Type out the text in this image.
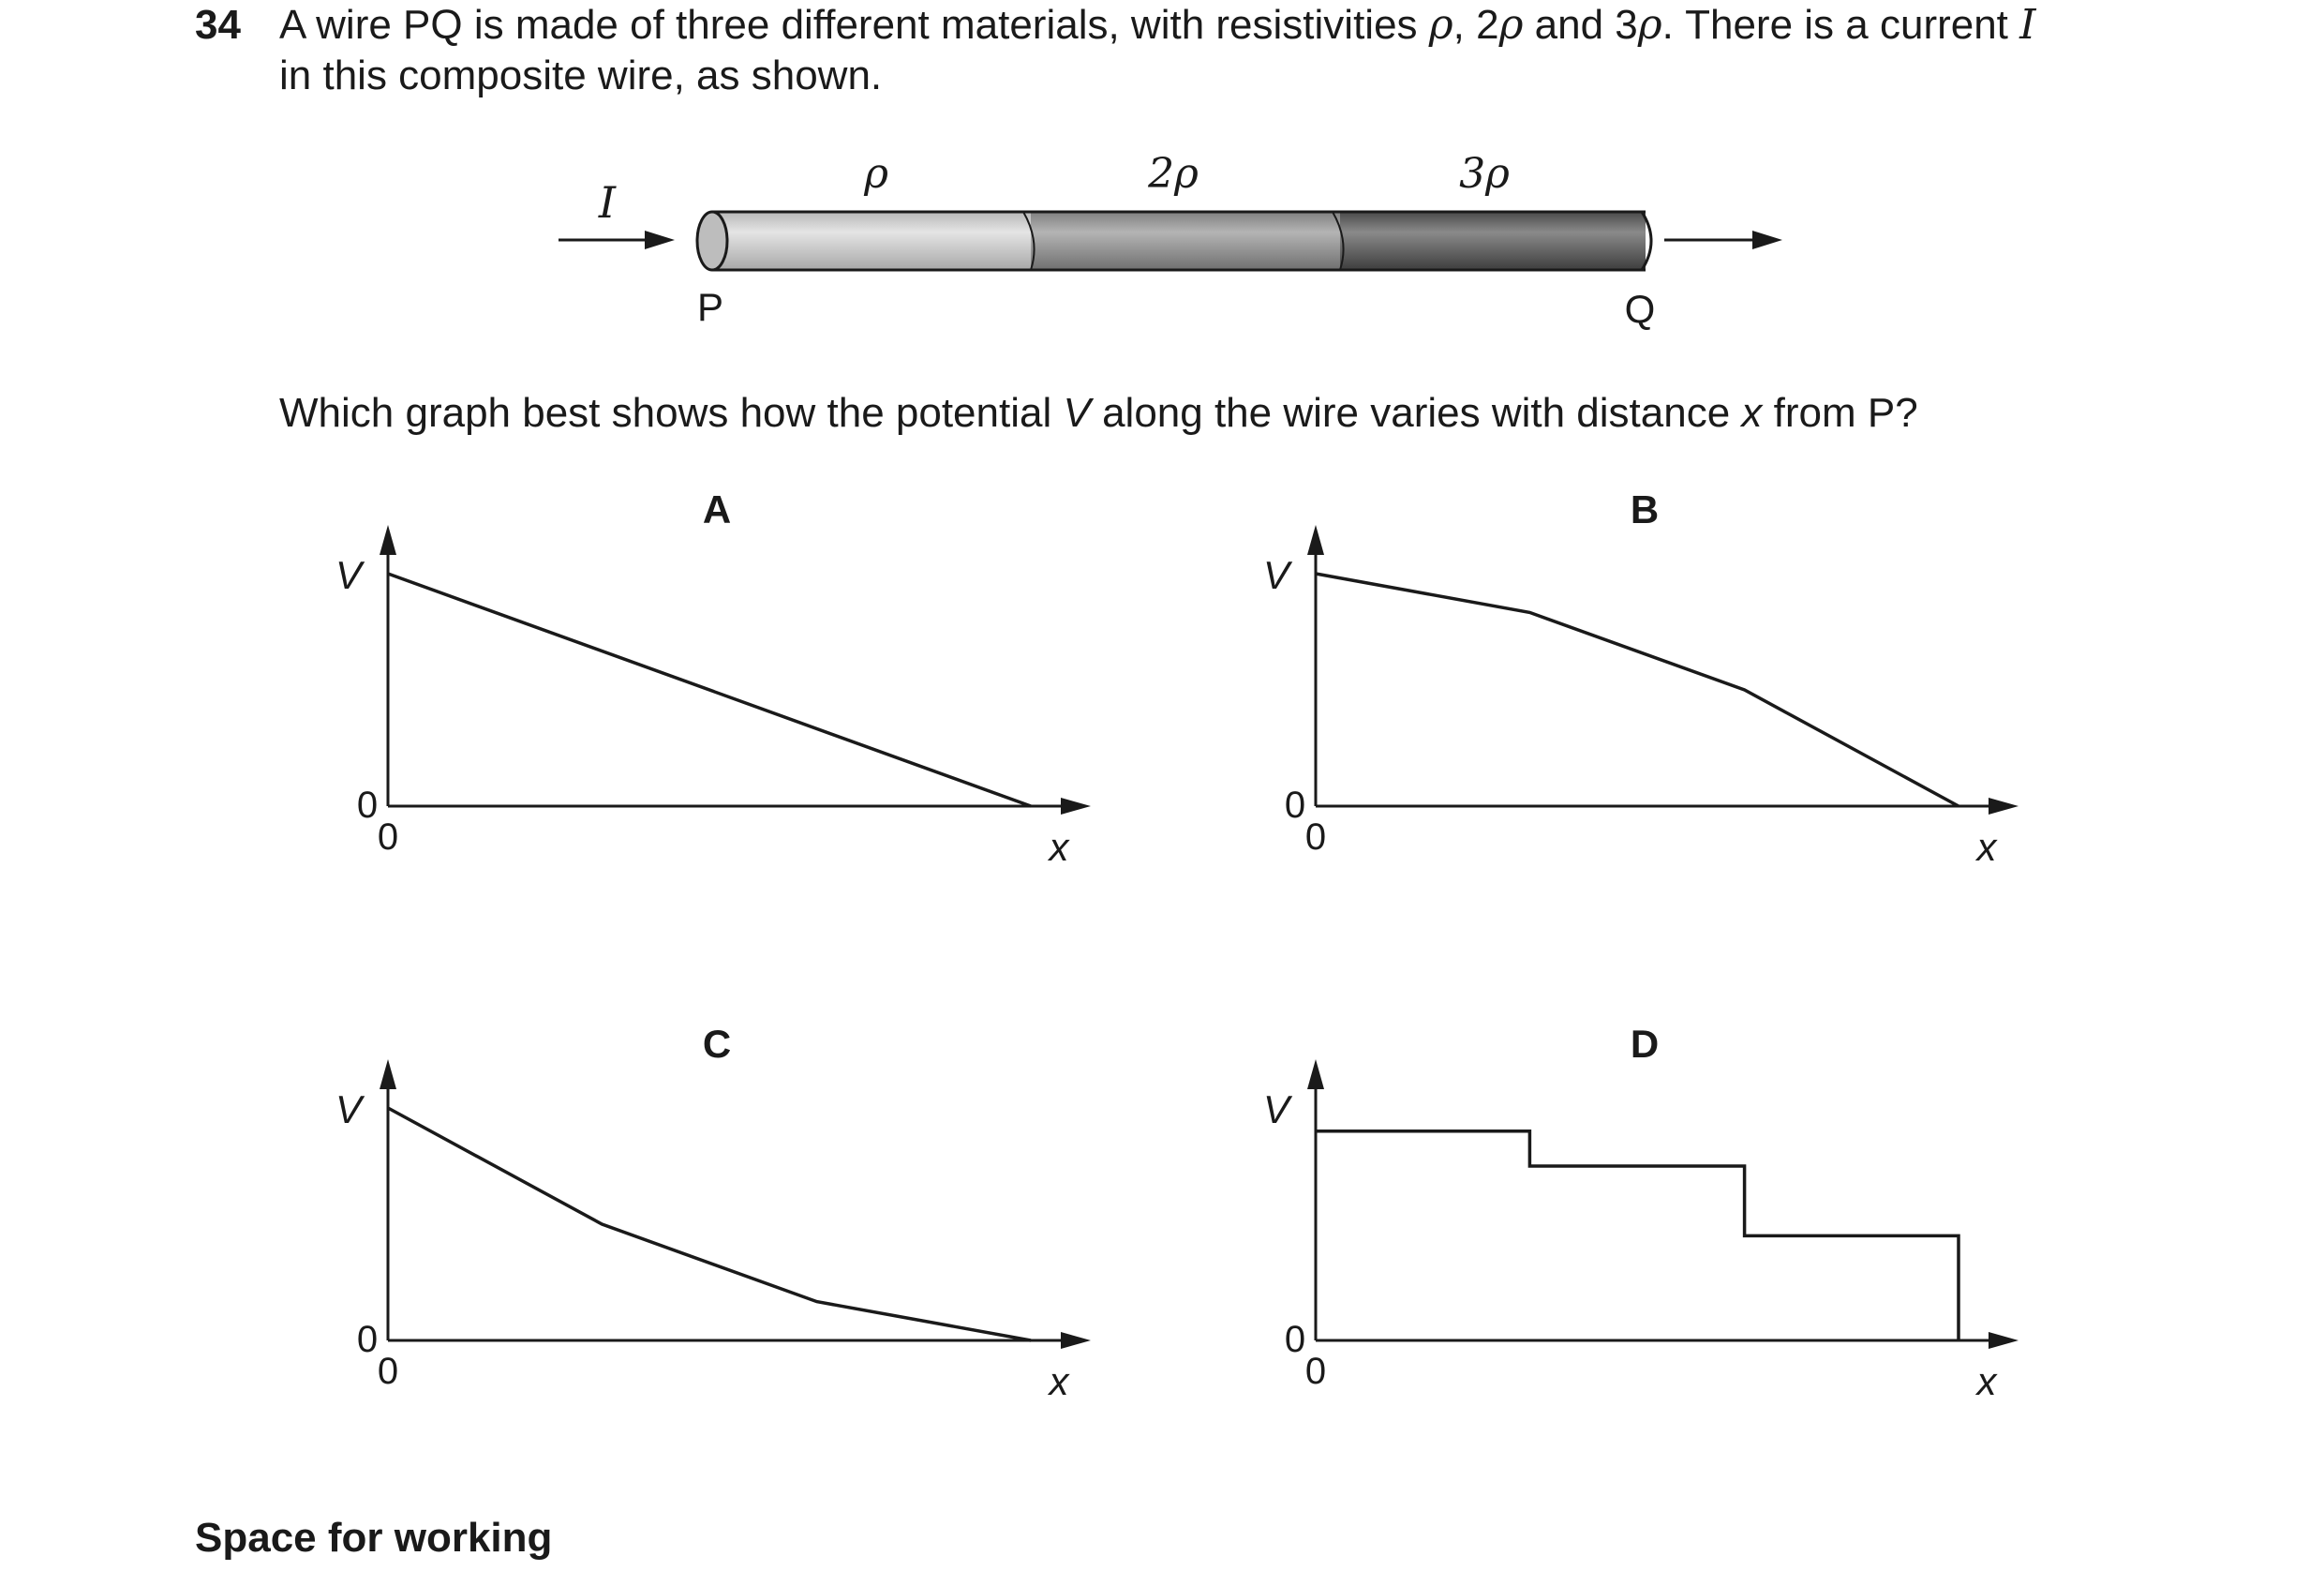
34 A wire PQ is made of three different materials, with resistivities ρ, 2ρ and 3ρ. There is a current I
in this composite wire, as shown.
I
ρ	2ρ	3ρ
P	Q
Which graph best shows how the potential V along the wire varies with distance x from P?
A
V
x
0
0
B
V
x
0
0
C
V
x
0
0
D
V
x
0
0
Space for working
